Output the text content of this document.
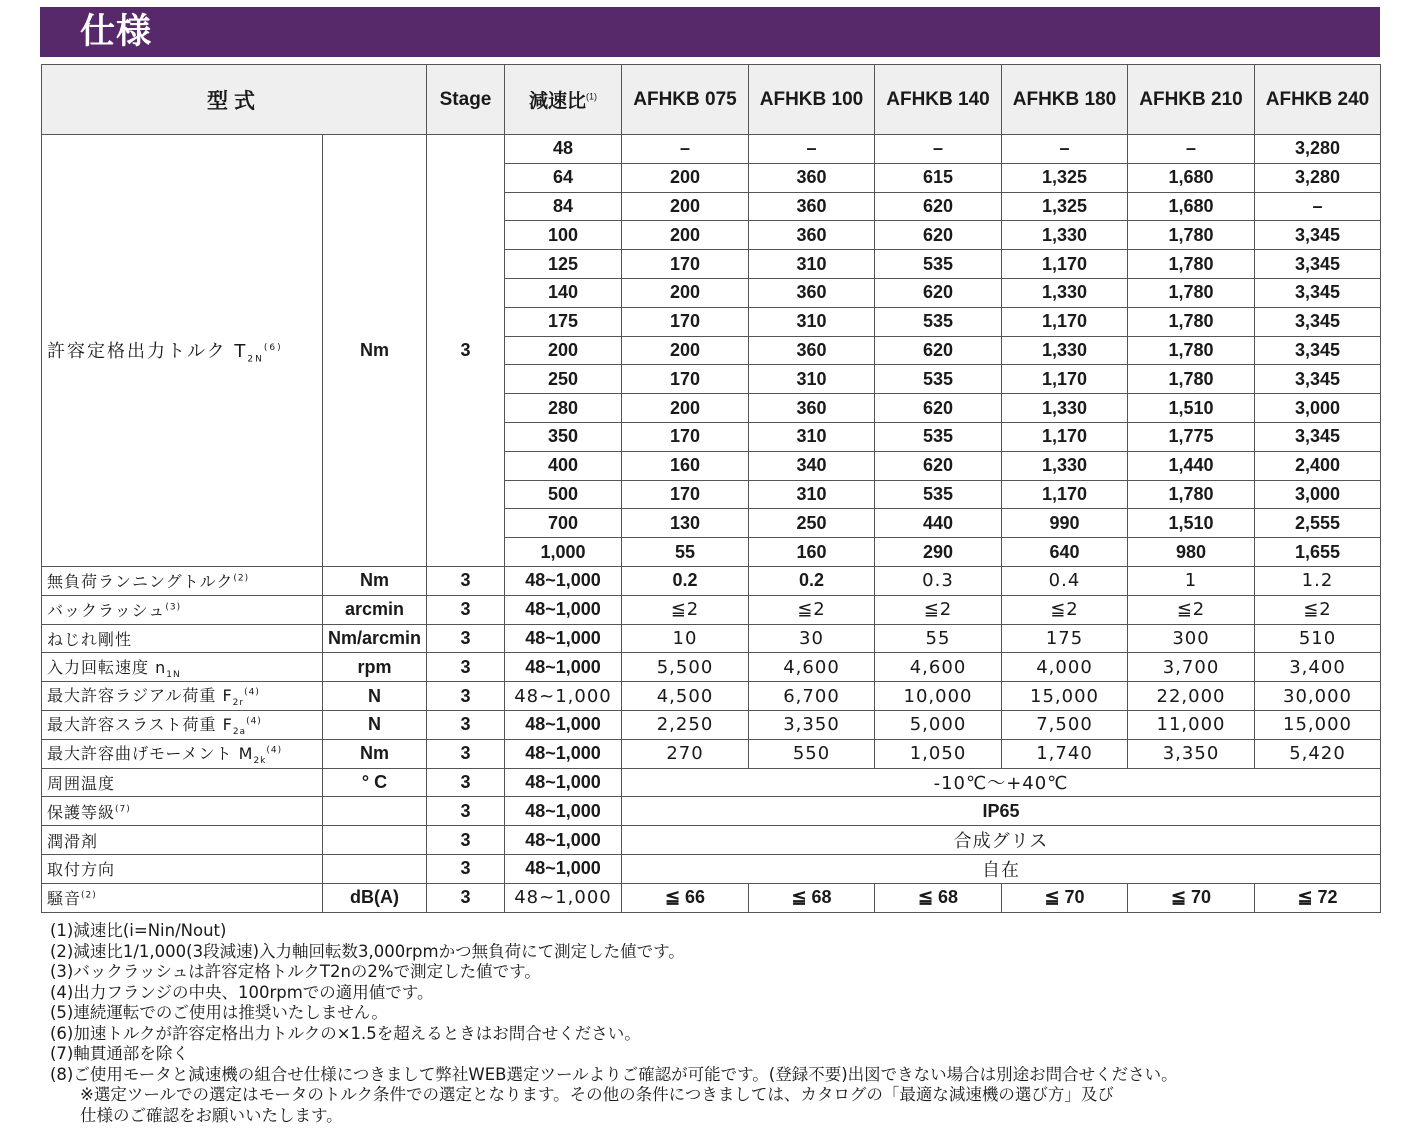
仕様
型式		Stage	減速比$^{(1)}$	AFHKB 075	AFHKB 100	AFHKB 140	AFHKB 180	AFHKB 210	AFHKB 240
許容定格出力トルク $T_{2N}^{(6)}$	Nm	3	48	–	–	–	–	–	3,280
			64	200	360	615	1,325	1,680	3,280
			84	200	360	620	1,325	1,680	–
			100	200	360	620	1,330	1,780	3,345
			125	170	310	535	1,170	1,780	3,345
			140	200	360	620	1,330	1,780	3,345
			175	170	310	535	1,170	1,780	3,345
			200	200	360	620	1,330	1,780	3,345
			250	170	310	535	1,170	1,780	3,345
			280	200	360	620	1,330	1,510	3,000
			350	170	310	535	1,170	1,775	3,345
			400	160	340	620	1,330	1,440	2,400
			500	170	310	535	1,170	1,780	3,000
			700	130	250	440	990	1,510	2,555
			1,000	55	160	290	640	980	1,655
無負荷ランニングトルク$^{(2)}$	Nm	3	48~1,000	0.2	0.2	0.3	0.4	1	1.2
バックラッシュ$^{(3)}$	arcmin	3	48~1,000	≦2	≦2	≦2	≦2	≦2	≦2
ねじれ剛性	Nm/arcmin	3	48~1,000	10	30	55	175	300	510
入力回転速度 $n_{1N}$	rpm	3	48~1,000	5,500	4,600	4,600	4,000	3,700	3,400
最大許容ラジアル荷重 $F_{2r}^{(4)}$	N	3	48~1,000	4,500	6,700	10,000	15,000	22,000	30,000
最大許容スラスト荷重 $F_{2a}^{(4)}$	N	3	48~1,000	2,250	3,350	5,000	7,500	11,000	15,000
最大許容曲げモーメント $M_{2k}^{(4)}$	Nm	3	48~1,000	270	550	1,050	1,740	3,350	5,420
周囲温度	° C	3	48~1,000	-10℃～+40℃					
保護等級$^{(7)}$		3	48~1,000	IP65					
潤滑剤		3	48~1,000	合成グリス					
取付方向		3	48~1,000	自在					
騒音$^{(2)}$	dB(A)	3	48~1,000	≦ 66	≦ 68	≦ 68	≦ 70	≦ 70	≦ 72
(1)減速比(i=Nin/Nout)
(2)減速比1/1,000(3段減速)入力軸回転数3,000rpmかつ無負荷にて測定した値です。
(3)バックラッシュは許容定格トルクT2nの2%で測定した値です。
(4)出力フランジの中央、100rpmでの適用値です。
(5)連続運転でのご使用は推奨いたしません。
(6)加速トルクが許容定格出力トルクの×1.5を超えるときはお問合せください。
(7)軸貫通部を除く
(8)ご使用モータと減速機の組合せ仕様につきまして弊社WEB選定ツールよりご確認が可能です。(登録不要)出図できない場合は別途お問合せください。
※選定ツールでの選定はモータのトルク条件での選定となります。その他の条件につきましては、カタログの「最適な減速機の選び方」及び
仕様のご確認をお願いいたします。
